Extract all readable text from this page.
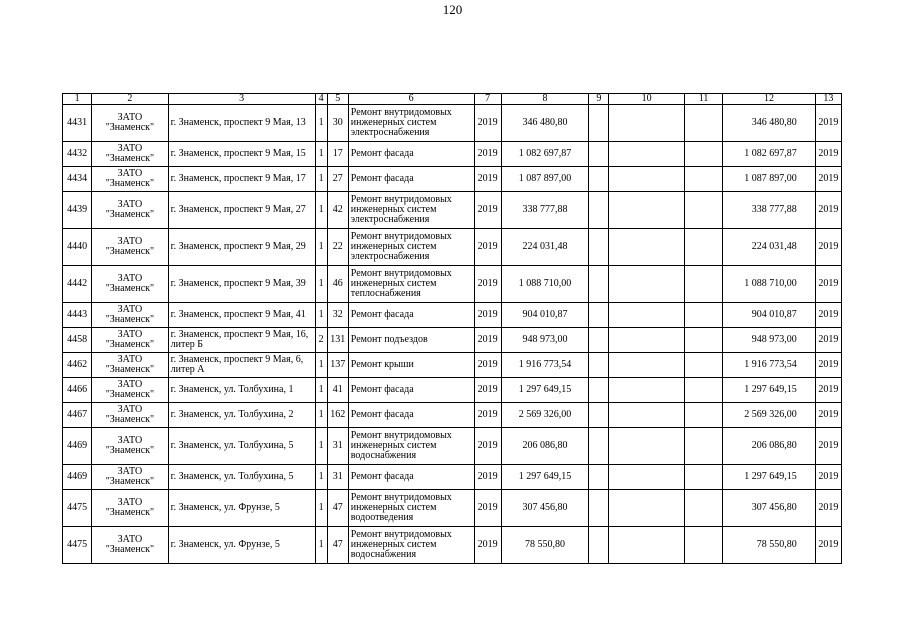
120
1	2	3	4	5	6	7	8	9	10	11	12	13
4431	ЗАТО "Знаменск"	г. Знаменск, проспект 9 Мая, 13	1	30	Ремонт внутридомовых инженерных систем электроснабжения	2019	346 480,80				346 480,80	2019
4432	ЗАТО "Знаменск"	г. Знаменск, проспект 9 Мая, 15	1	17	Ремонт фасада	2019	1 082 697,87				1 082 697,87	2019
4434	ЗАТО "Знаменск"	г. Знаменск, проспект 9 Мая, 17	1	27	Ремонт фасада	2019	1 087 897,00				1 087 897,00	2019
4439	ЗАТО "Знаменск"	г. Знаменск, проспект 9 Мая, 27	1	42	Ремонт внутридомовых инженерных систем электроснабжения	2019	338 777,88				338 777,88	2019
4440	ЗАТО "Знаменск"	г. Знаменск, проспект 9 Мая, 29	1	22	Ремонт внутридомовых инженерных систем электроснабжения	2019	224 031,48				224 031,48	2019
4442	ЗАТО "Знаменск"	г. Знаменск, проспект 9 Мая, 39	1	46	Ремонт внутридомовых инженерных систем теплоснабжения	2019	1 088 710,00				1 088 710,00	2019
4443	ЗАТО "Знаменск"	г. Знаменск, проспект 9 Мая, 41	1	32	Ремонт фасада	2019	904 010,87				904 010,87	2019
4458	ЗАТО "Знаменск"	г. Знаменск, проспект 9 Мая, 16, литер Б	2	131	Ремонт подъездов	2019	948 973,00				948 973,00	2019
4462	ЗАТО "Знаменск"	г. Знаменск, проспект 9 Мая, 6, литер А	1	137	Ремонт крыши	2019	1 916 773,54				1 916 773,54	2019
4466	ЗАТО "Знаменск"	г. Знаменск, ул. Толбухина, 1	1	41	Ремонт фасада	2019	1 297 649,15				1 297 649,15	2019
4467	ЗАТО "Знаменск"	г. Знаменск, ул. Толбухина, 2	1	162	Ремонт фасада	2019	2 569 326,00				2 569 326,00	2019
4469	ЗАТО "Знаменск"	г. Знаменск, ул. Толбухина, 5	1	31	Ремонт внутридомовых инженерных систем водоснабжения	2019	206 086,80				206 086,80	2019
4469	ЗАТО "Знаменск"	г. Знаменск, ул. Толбухина, 5	1	31	Ремонт фасада	2019	1 297 649,15				1 297 649,15	2019
4475	ЗАТО "Знаменск"	г. Знаменск, ул. Фрунзе, 5	1	47	Ремонт внутридомовых инженерных систем водоотведения	2019	307 456,80				307 456,80	2019
4475	ЗАТО "Знаменск"	г. Знаменск, ул. Фрунзе, 5	1	47	Ремонт внутридомовых инженерных систем водоснабжения	2019	78 550,80				78 550,80	2019
